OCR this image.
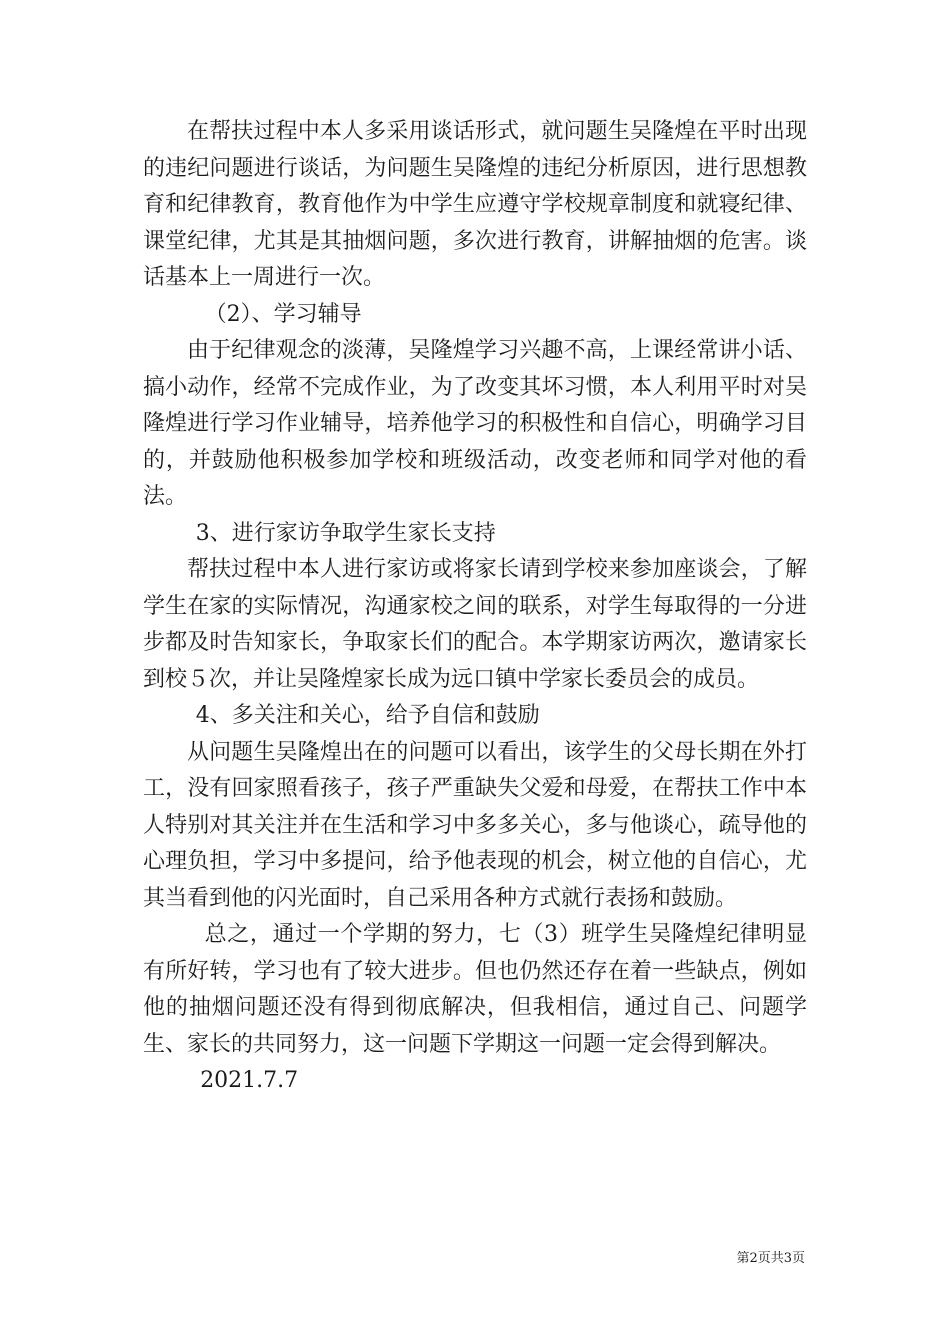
在帮扶过程中本人多采用谈话形式，就问题生吴隆煌在平时出现的违纪问题进行谈话，为问题生吴隆煌的违纪分析原因，进行思想教育和纪律教育，教育他作为中学生应遵守学校规章制度和就寝纪律、课堂纪律，尤其是其抽烟问题，多次进行教育，讲解抽烟的危害。谈话基本上一周进行一次。

（2）、学习辅导

由于纪律观念的淡薄，吴隆煌学习兴趣不高，上课经常讲小话、搞小动作，经常不完成作业，为了改变其坏习惯，本人利用平时对吴隆煌进行学习作业辅导，培养他学习的积极性和自信心，明确学习目的，并鼓励他积极参加学校和班级活动，改变老师和同学对他的看法。

3、进行家访争取学生家长支持

帮扶过程中本人进行家访或将家长请到学校来参加座谈会，了解学生在家的实际情况，沟通家校之间的联系，对学生每取得的一分进步都及时告知家长，争取家长们的配合。本学期家访两次，邀请家长到校５次，并让吴隆煌家长成为远口镇中学家长委员会的成员。

4、多关注和关心，给予自信和鼓励

从问题生吴隆煌出在的问题可以看出，该学生的父母长期在外打工，没有回家照看孩子，孩子严重缺失父爱和母爱，在帮扶工作中本人特别对其关注并在生活和学习中多多关心，多与他谈心，疏导他的心理负担，学习中多提问，给予他表现的机会，树立他的自信心，尤其当看到他的闪光面时，自己采用各种方式就行表扬和鼓励。

总之，通过一个学期的努力，七（3）班学生吴隆煌纪律明显有所好转，学习也有了较大进步。但也仍然还存在着一些缺点，例如他的抽烟问题还没有得到彻底解决，但我相信，通过自己、问题学生、家长的共同努力，这一问题下学期这一问题一定会得到解决。

2021.7.7

第2页共3页
